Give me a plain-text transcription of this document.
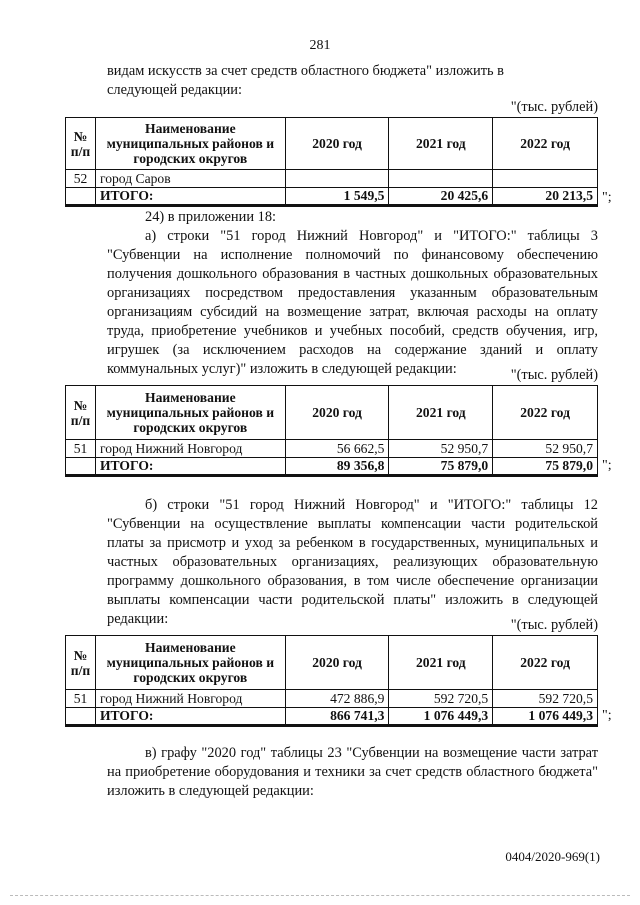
281

видам искусств за счет средств областного бюджета" изложить в

следующей редакции:

"(тыс. рублей)
№ п/п	Наименование муниципальных районов и городских округов	2020 год	2021 год	2022 год
52	город Саров			
	ИТОГО:	1 549,5	20 425,6	20 213,5 ";

24) в приложении 18:

а) строки "51 город Нижний Новгород" и "ИТОГО:" таблицы 3 "Субвенции на исполнение полномочий по финансовому обеспечению получения дошкольного образования в частных дошкольных образовательных организациях посредством предоставления указанным образовательным организациям субсидий на возмещение затрат, включая расходы на оплату труда, приобретение учебников и учебных пособий, средств обучения, игр, игрушек (за исключением расходов на содержание зданий и оплату коммунальных услуг)" изложить в следующей редакции:	"(тыс. рублей)
№ п/п	Наименование муниципальных районов и городских округов	2020 год	2021 год	2022 год
51	город Нижний Новгород	56 662,5	52 950,7	52 950,7
	ИТОГО:	89 356,8	75 879,0	75 879,0 ";

б) строки "51 город Нижний Новгород" и "ИТОГО:" таблицы 12 "Субвенции на осуществление выплаты компенсации части родительской платы за присмотр и уход за ребенком в государственных, муниципальных и частных образовательных организациях, реализующих образовательную программу дошкольного образования, в том числе обеспечение организации выплаты компенсации части родительской платы" изложить в следующей редакции:	"(тыс. рублей)
№ п/п	Наименование муниципальных районов и городских округов	2020 год	2021 год	2022 год
51	город Нижний Новгород	472 886,9	592 720,5	592 720,5
	ИТОГО:	866 741,3	1 076 449,3	1 076 449,3 ";

в) графу "2020 год" таблицы 23 "Субвенции на возмещение части затрат на приобретение оборудования и техники за счет средств областного бюджета" изложить в следующей редакции:

0404/2020-969(1)
